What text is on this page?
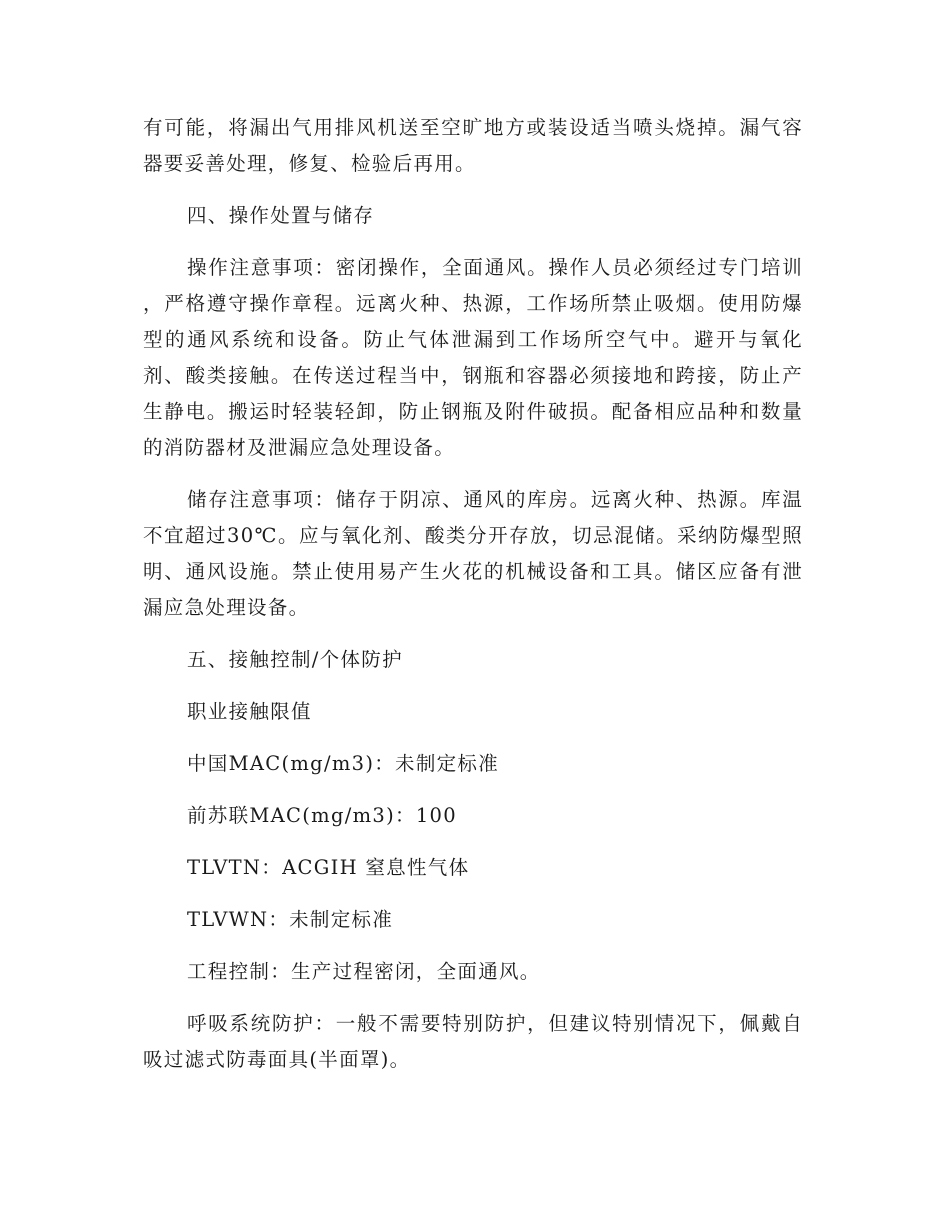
有可能，将漏出气用排风机送至空旷地方或装设适当喷头烧掉。漏气容器要妥善处理，修复、检验后再用。

四、操作处置与储存

操作注意事项：密闭操作，全面通风。操作人员必须经过专门培训 ，严格遵守操作章程。远离火种、热源，工作场所禁止吸烟。使用防爆型的通风系统和设备。防止气体泄漏到工作场所空气中。避开与氧化剂、酸类接触。在传送过程当中，钢瓶和容器必须接地和跨接，防止产生静电。搬运时轻装轻卸，防止钢瓶及附件破损。配备相应品种和数量的消防器材及泄漏应急处理设备。

储存注意事项：储存于阴凉、通风的库房。远离火种、热源。库温不宜超过30℃。应与氧化剂、酸类分开存放，切忌混储。采纳防爆型照明、通风设施。禁止使用易产生火花的机械设备和工具。储区应备有泄漏应急处理设备。

五、接触控制/个体防护

职业接触限值

中国MAC(mg/m3)：未制定标准

前苏联MAC(mg/m3)：100

TLVTN：ACGIH 窒息性气体

TLVWN：未制定标准

工程控制：生产过程密闭，全面通风。

呼吸系统防护：一般不需要特别防护，但建议特别情况下，佩戴自吸过滤式防毒面具(半面罩)。
